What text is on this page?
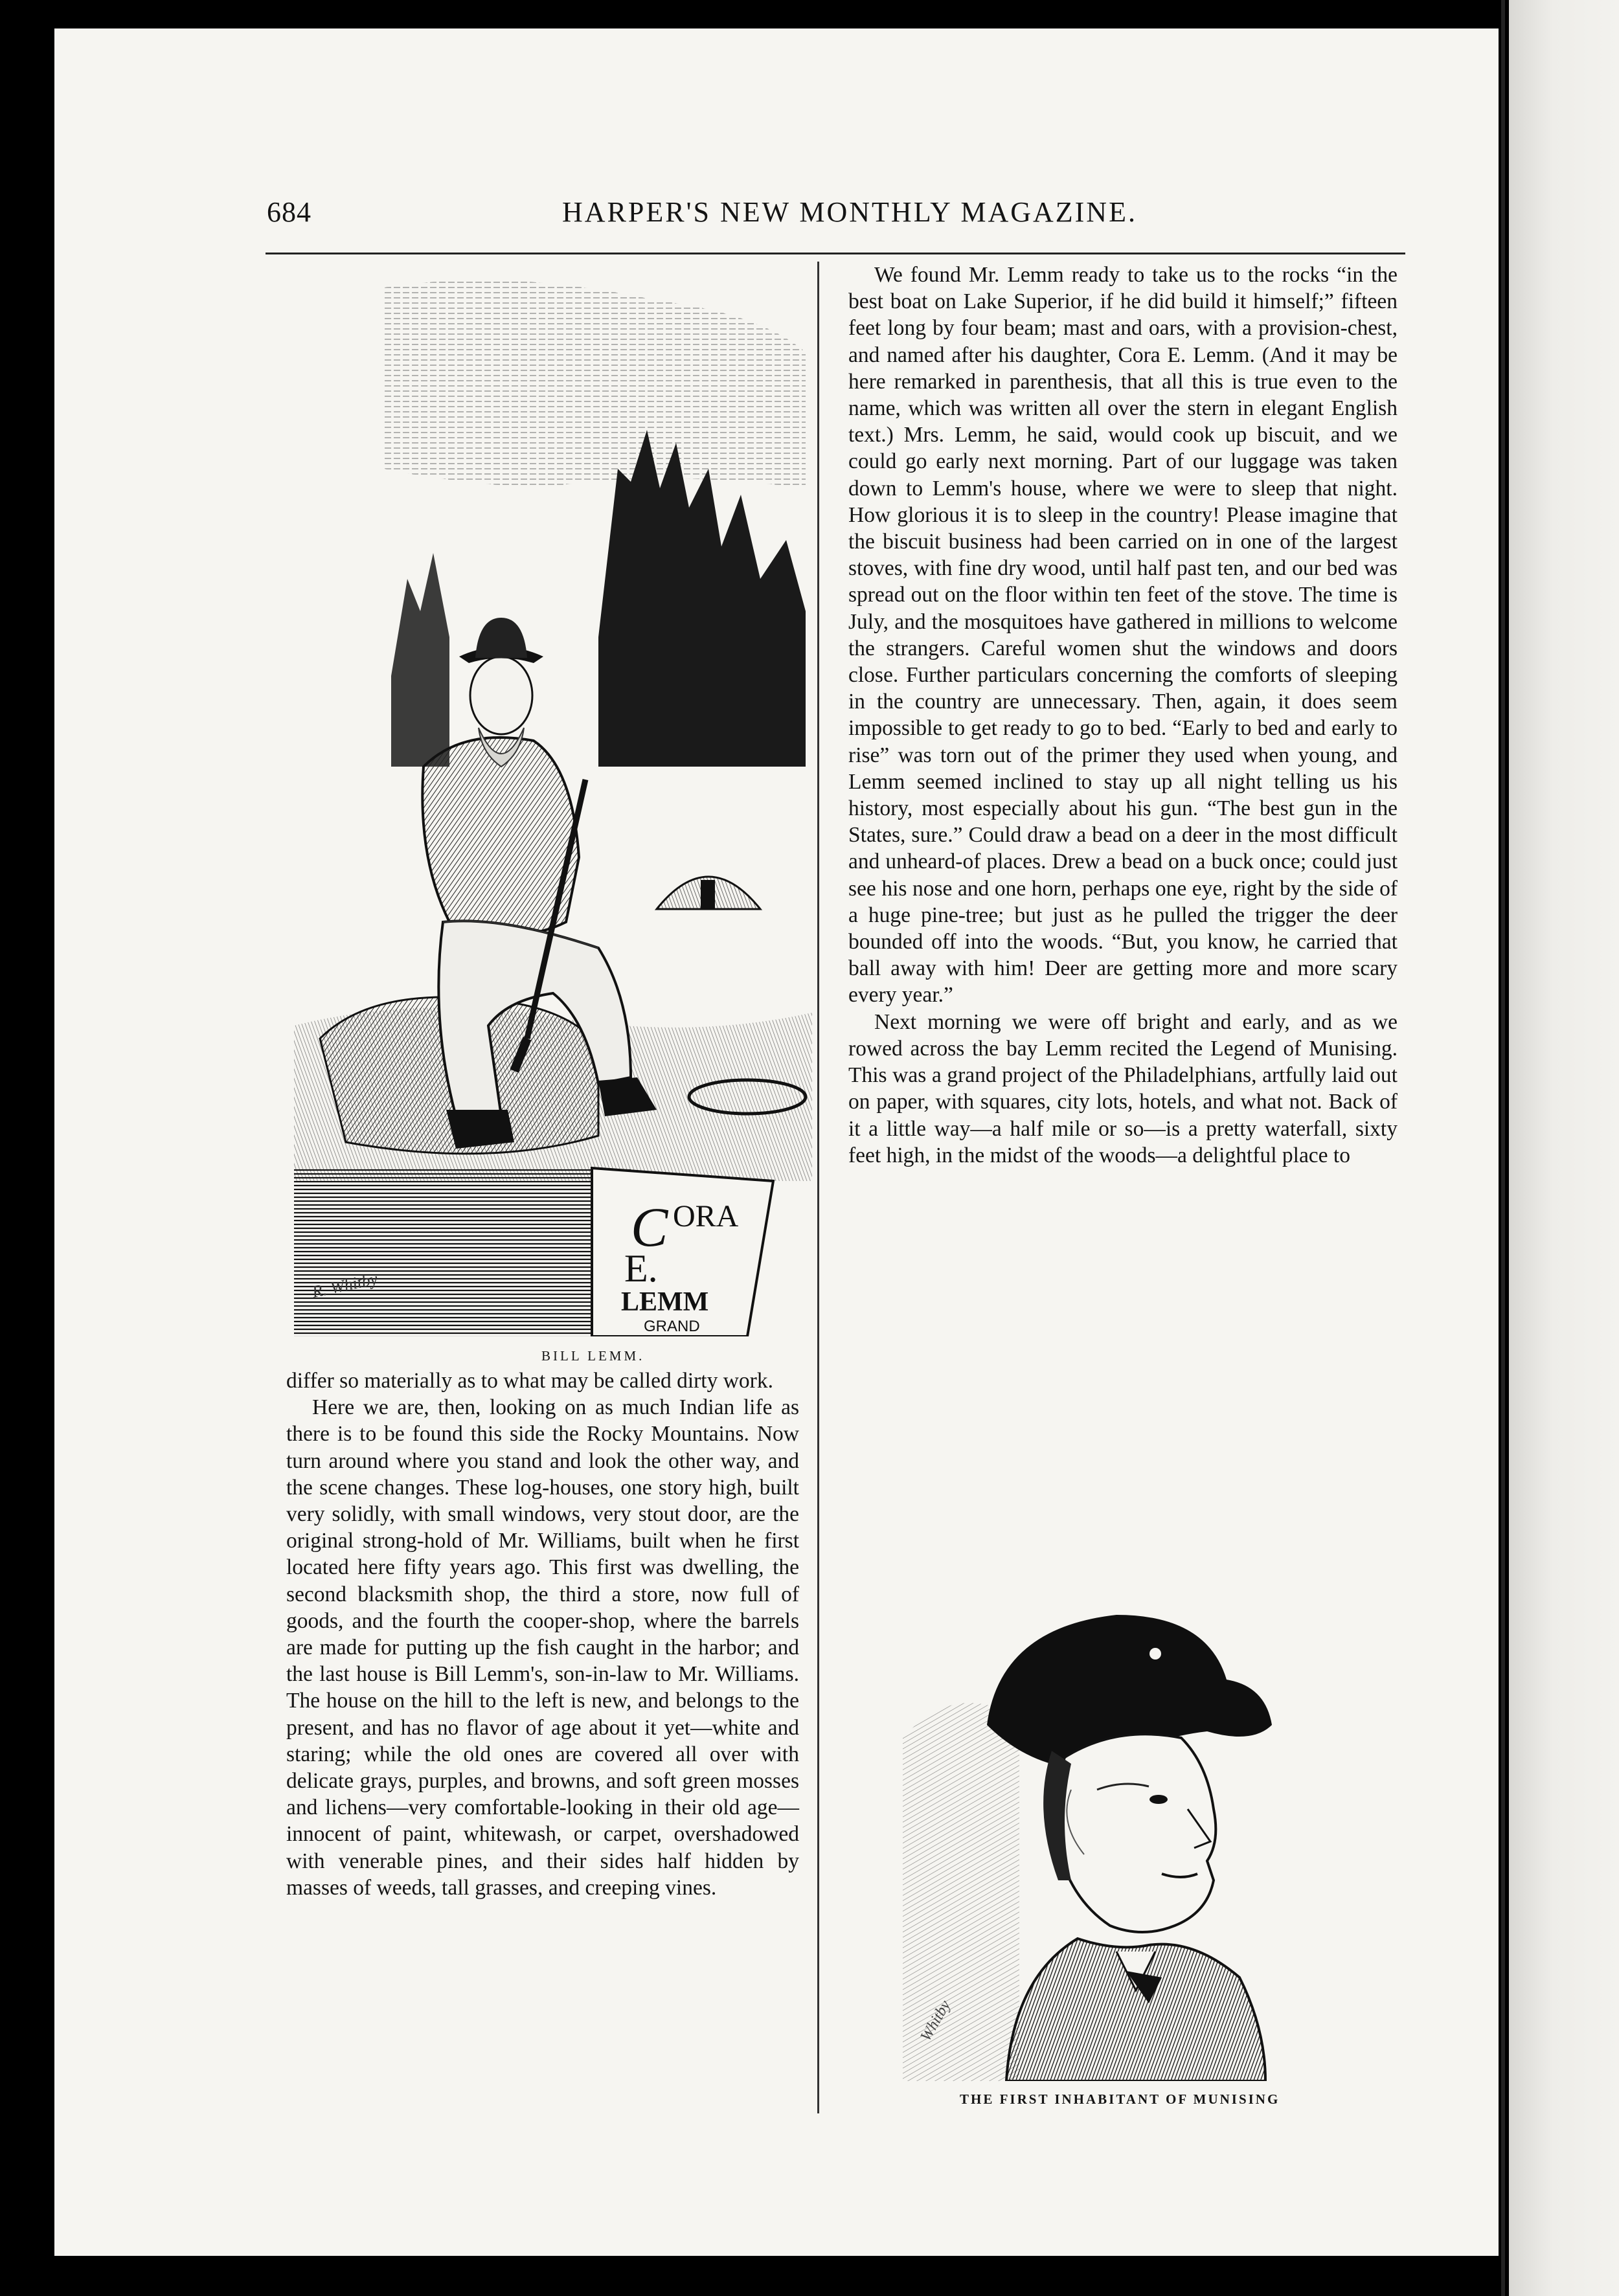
684	HARPER'S NEW MONTHLY MAGAZINE.
C ORA
E.
LEMM
GRAND
R. Whitby
BILL LEMM.

differ so materially as to what may be called dirty work.

Here we are, then, looking on as much Indian life as there is to be found this side the Rocky Mountains. Now turn around where you stand and look the other way, and the scene changes. These log-houses, one story high, built very solidly, with small windows, very stout door, are the original strong-hold of Mr. Williams, built when he first located here fifty years ago. This first was dwelling, the second blacksmith shop, the third a store, now full of goods, and the fourth the cooper-shop, where the barrels are made for putting up the fish caught in the harbor; and the last house is Bill Lemm's, son-in-law to Mr. Williams. The house on the hill to the left is new, and belongs to the present, and has no flavor of age about it yet—white and staring; while the old ones are covered all over with delicate grays, purples, and browns, and soft green mosses and lichens—very comfortable-looking in their old age—innocent of paint, whitewash, or carpet, overshadowed with venerable pines, and their sides half hidden by masses of weeds, tall grasses, and creeping vines.

We found Mr. Lemm ready to take us to the rocks “in the best boat on Lake Superior, if he did build it himself;” fifteen feet long by four beam; mast and oars, with a provision-chest, and named after his daughter, Cora E. Lemm. (And it may be here remarked in parenthesis, that all this is true even to the name, which was written all over the stern in elegant English text.) Mrs. Lemm, he said, would cook up biscuit, and we could go early next morning. Part of our luggage was taken down to Lemm's house, where we were to sleep that night. How glorious it is to sleep in the country! Please imagine that the biscuit business had been carried on in one of the largest stoves, with fine dry wood, until half past ten, and our bed was spread out on the floor within ten feet of the stove. The time is July, and the mosquitoes have gathered in millions to welcome the strangers. Careful women shut the windows and doors close. Further particulars concerning the comforts of sleeping in the country are unnecessary. Then, again, it does seem impossible to get ready to go to bed. “Early to bed and early to rise” was torn out of the primer they used when young, and Lemm seemed inclined to stay up all night telling us his history, most especially about his gun. “The best gun in the States, sure.” Could draw a bead on a deer in the most difficult and unheard-of places. Drew a bead on a buck once; could just see his nose and one horn, perhaps one eye, right by the side of a huge pine-tree; but just as he pulled the trigger the deer bounded off into the woods. “But, you know, he carried that ball away with him! Deer are getting more and more scary every year.”

Next morning we were off bright and early, and as we rowed across the bay Lemm recited the Legend of Munising. This was a grand project of the Philadelphians, artfully laid out on paper, with squares, city lots, hotels, and what not. Back of it a little way—a half mile or so—is a pretty waterfall, sixty feet high, in the midst of the woods—a delightful place to

Whitby
THE FIRST INHABITANT OF MUNISING
